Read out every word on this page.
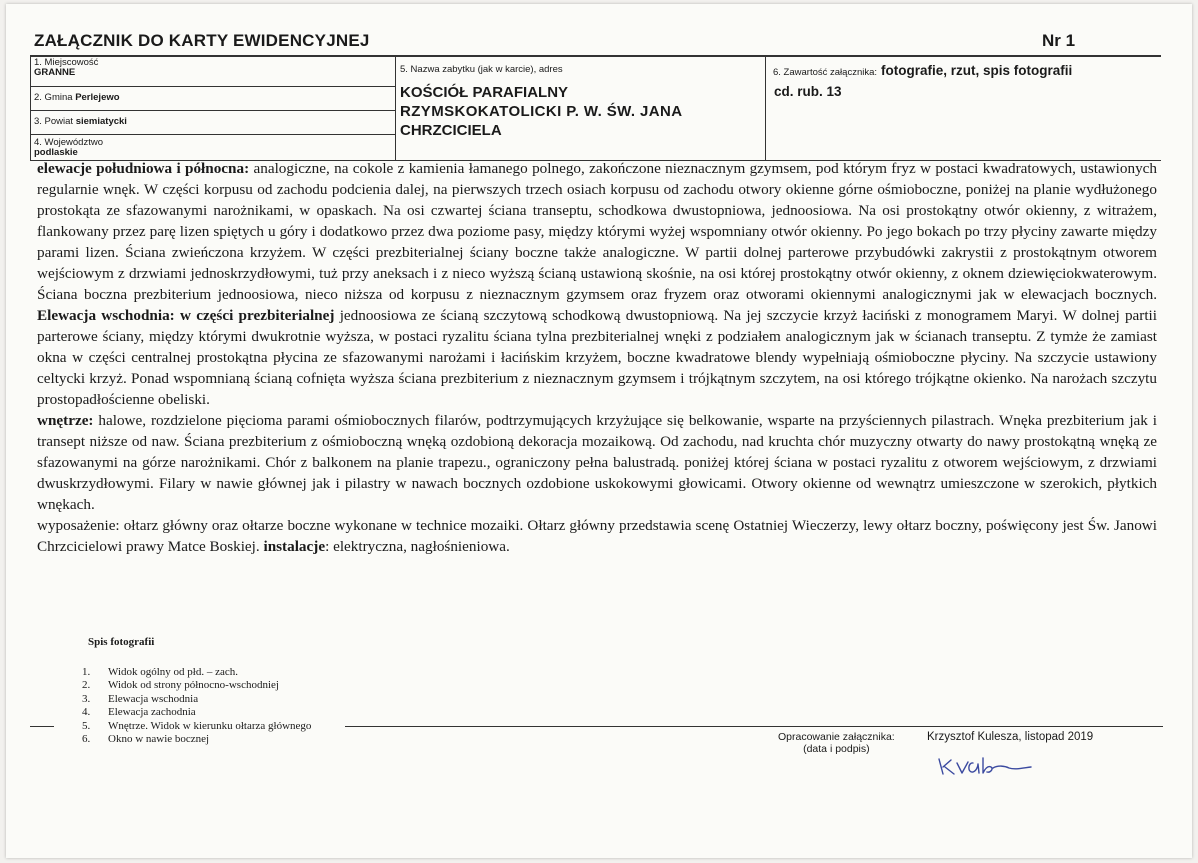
ZAŁĄCZNIK DO KARTY EWIDENCYJNEJ	Nr 1
1. Miejscowość
GRANNE
2. Gmina Perlejewo
3. Powiat siemiatycki
4. Województwo
podlaskie
5. Nazwa zabytku (jak w karcie), adres
KOŚCIÓŁ PARAFIALNY
RZYMSKOKATOLICKI P. W. ŚW. JANA
CHRZCICIELA
6. Zawartość załącznika: fotografie, rzut, spis fotografii
cd. rub. 13

elewacje południowa i północna: analogiczne, na cokole z kamienia łamanego polnego, zakończone nieznacznym gzymsem, pod którym fryz w postaci kwadratowych, ustawionych regularnie wnęk. W części korpusu od zachodu podcienia dalej, na pierwszych trzech osiach korpusu od zachodu otwory okienne górne ośmioboczne, poniżej na planie wydłużonego prostokąta ze sfazowanymi narożnikami, w opaskach. Na osi czwartej ściana transeptu, schodkowa dwustopniowa, jednoosiowa. Na osi prostokątny otwór okienny, z witrażem, flankowany przez parę lizen spiętych u góry i dodatkowo przez dwa poziome pasy, między którymi wyżej wspomniany otwór okienny. Po jego bokach po trzy płyciny zawarte między parami lizen. Ściana zwieńczona krzyżem. W części prezbiterialnej ściany boczne także analogiczne. W partii dolnej parterowe przybudówki zakrystii z prostokątnym otworem wejściowym z drzwiami jednoskrzydłowymi, tuż przy aneksach i z nieco wyższą ścianą ustawioną skośnie, na osi której prostokątny otwór okienny, z oknem dziewięciokwaterowym. Ściana boczna prezbiterium jednoosiowa, nieco niższa od korpusu z nieznacznym gzymsem oraz fryzem oraz otworami okiennymi analogicznymi jak w elewacjach bocznych. Elewacja wschodnia: w części prezbiterialnej jednoosiowa ze ścianą szczytową schodkową dwustopniową. Na jej szczycie krzyż łaciński z monogramem Maryi. W dolnej partii parterowe ściany, między którymi dwukrotnie wyższa, w postaci ryzalitu ściana tylna prezbiterialnej wnęki z podziałem analogicznym jak w ścianach transeptu. Z tymże że zamiast okna w części centralnej prostokątna płycina ze sfazowanymi narożami i łacińskim krzyżem, boczne kwadratowe blendy wypełniają ośmioboczne płyciny. Na szczycie ustawiony celtycki krzyż. Ponad wspomnianą ścianą cofnięta wyższa ściana prezbiterium z nieznacznym gzymsem i trójkątnym szczytem, na osi którego trójkątne okienko. Na narożach szczytu prostopadłościenne obeliski.

wnętrze: halowe, rozdzielone pięcioma parami ośmiobocznych filarów, podtrzymujących krzyżujące się belkowanie, wsparte na przyściennych pilastrach. Wnęka prezbiterium jak i transept niższe od naw. Ściana prezbiterium z ośmioboczną wnęką ozdobioną dekoracja mozaikową. Od zachodu, nad kruchta chór muzyczny otwarty do nawy prostokątną wnęką ze sfazowanymi na górze narożnikami. Chór z balkonem na planie trapezu., ograniczony pełna balustradą. poniżej której ściana w postaci ryzalitu z otworem wejściowym, z drzwiami dwuskrzydłowymi. Filary w nawie głównej jak i pilastry w nawach bocznych ozdobione uskokowymi głowicami. Otwory okienne od wewnątrz umieszczone w szerokich, płytkich wnękach.

wyposażenie: ołtarz główny oraz ołtarze boczne wykonane w technice mozaiki. Ołtarz główny przedstawia scenę Ostatniej Wieczerzy, lewy ołtarz boczny, poświęcony jest Św. Janowi Chrzcicielowi prawy Matce Boskiej. instalacje: elektryczna, nagłośnieniowa.

Spis fotografii
1.	Widok ogólny od płd. – zach.
2.	Widok od strony północno-wschodniej
3.	Elewacja wschodnia
4.	Elewacja zachodnia
5.	Wnętrze. Widok w kierunku ołtarza głównego
6.	Okno w nawie bocznej	Opracowanie załącznika:
(data i podpis)
Krzysztof Kulesza, listopad 2019
